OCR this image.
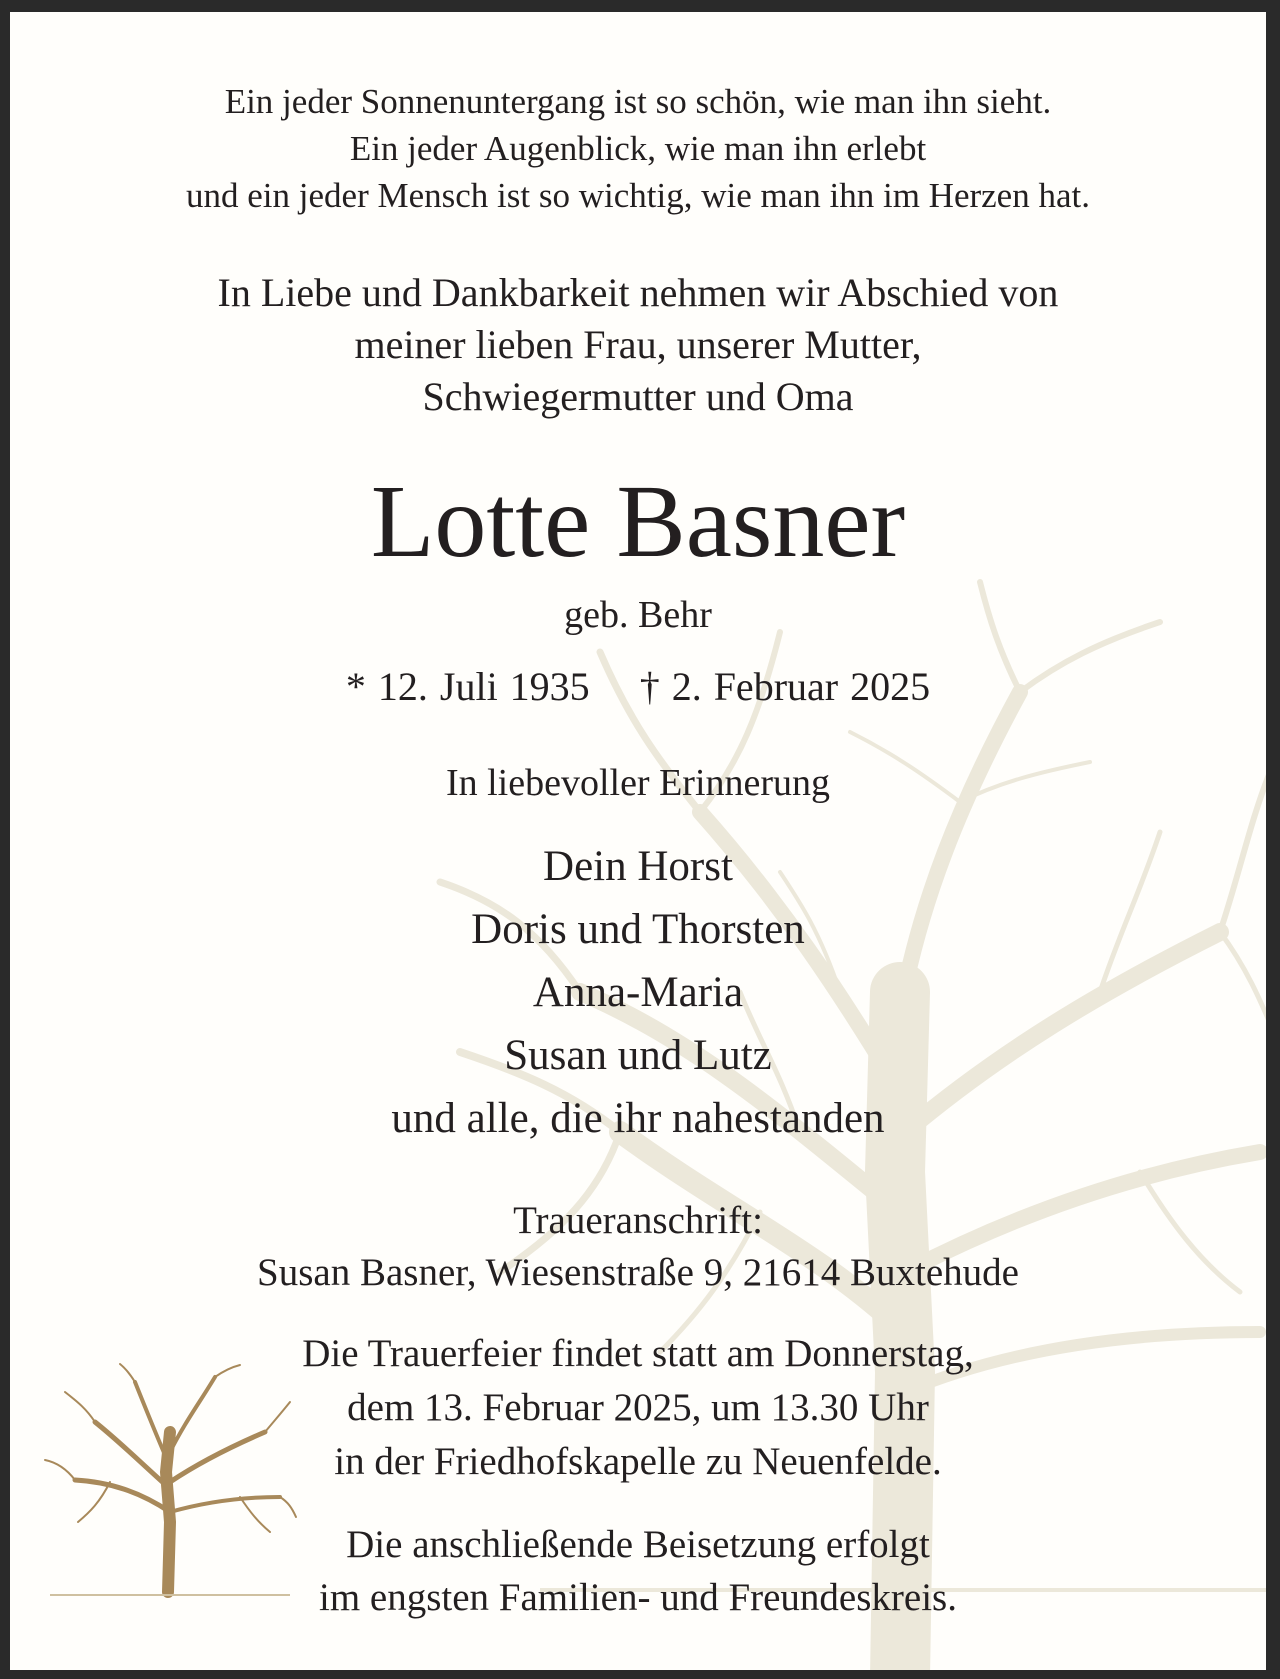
Ein jeder Sonnenuntergang ist so schön, wie man ihn sieht.
Ein jeder Augenblick, wie man ihn erlebt
und ein jeder Mensch ist so wichtig, wie man ihn im Herzen hat.
In Liebe und Dankbarkeit nehmen wir Abschied von
meiner lieben Frau, unserer Mutter,
Schwiegermutter und Oma
Lotte Basner
geb. Behr
* 12. Juli 1935 † 2. Februar 2025
In liebevoller Erinnerung
Dein Horst
Doris und Thorsten
Anna-Maria
Susan und Lutz
und alle, die ihr nahestanden
Traueranschrift:
Susan Basner, Wiesenstraße 9, 21614 Buxtehude
Die Trauerfeier findet statt am Donnerstag,
dem 13. Februar 2025, um 13.30 Uhr
in der Friedhofskapelle zu Neuenfelde.
Die anschließende Beisetzung erfolgt
im engsten Familien- und Freundeskreis.
